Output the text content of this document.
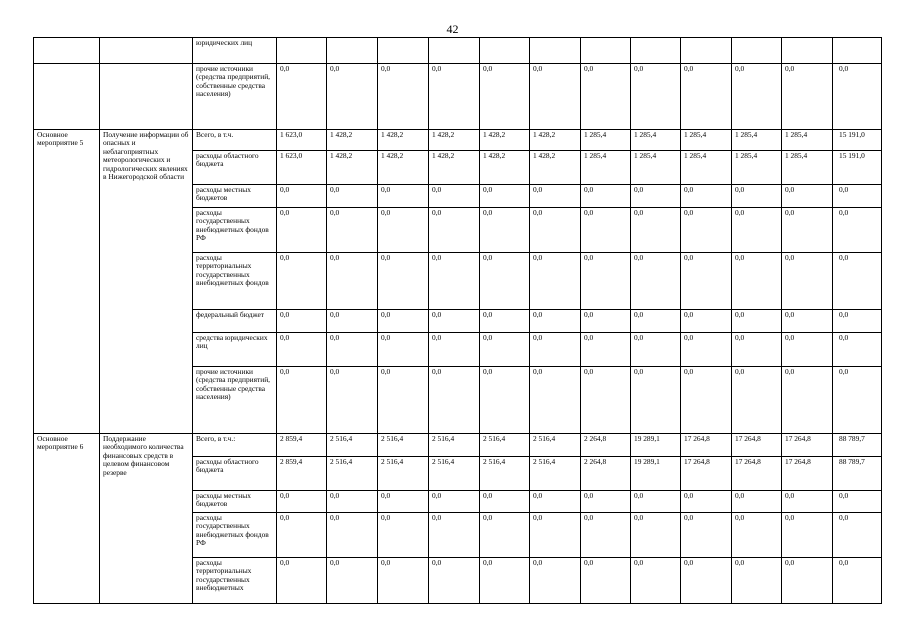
42
		юридических лиц												
		прочие источники (средства предприятий, собственные средства населения)	0,0	0,0	0,0	0,0	0,0	0,0	0,0	0,0	0,0	0,0	0,0	0,0
Основное мероприятие 5	Получение информации об опасных и неблагоприятных метеорологических и гидрологических явлениях в Нижегородской области	Всего, в т.ч.	1 623,0	1 428,2	1 428,2	1 428,2	1 428,2	1 428,2	1 285,4	1 285,4	1 285,4	1 285,4	1 285,4	15 191,0
		расходы областного бюджета	1 623,0	1 428,2	1 428,2	1 428,2	1 428,2	1 428,2	1 285,4	1 285,4	1 285,4	1 285,4	1 285,4	15 191,0
		расходы местных бюджетов	0,0	0,0	0,0	0,0	0,0	0,0	0,0	0,0	0,0	0,0	0,0	0,0
		расходы государственных внебюджетных фондов РФ	0,0	0,0	0,0	0,0	0,0	0,0	0,0	0,0	0,0	0,0	0,0	0,0
		расходы территориальных государственных внебюджетных фондов	0,0	0,0	0,0	0,0	0,0	0,0	0,0	0,0	0,0	0,0	0,0	0,0
		федеральный бюджет	0,0	0,0	0,0	0,0	0,0	0,0	0,0	0,0	0,0	0,0	0,0	0,0
		средства юридических лиц	0,0	0,0	0,0	0,0	0,0	0,0	0,0	0,0	0,0	0,0	0,0	0,0
		прочие источники (средства предприятий, собственные средства населения)	0,0	0,0	0,0	0,0	0,0	0,0	0,0	0,0	0,0	0,0	0,0	0,0
Основное мероприятие 6	Поддержание необходимого количества финансовых средств в целевом финансовом резерве	Всего, в т.ч.:	2 859,4	2 516,4	2 516,4	2 516,4	2 516,4	2 516,4	2 264,8	19 289,1	17 264,8	17 264,8	17 264,8	88 789,7
		расходы областного бюджета	2 859,4	2 516,4	2 516,4	2 516,4	2 516,4	2 516,4	2 264,8	19 289,1	17 264,8	17 264,8	17 264,8	88 789,7
		расходы местных бюджетов	0,0	0,0	0,0	0,0	0,0	0,0	0,0	0,0	0,0	0,0	0,0	0,0
		расходы государственных внебюджетных фондов РФ	0,0	0,0	0,0	0,0	0,0	0,0	0,0	0,0	0,0	0,0	0,0	0,0
		расходы территориальных государственных внебюджетных	0,0	0,0	0,0	0,0	0,0	0,0	0,0	0,0	0,0	0,0	0,0	0,0
